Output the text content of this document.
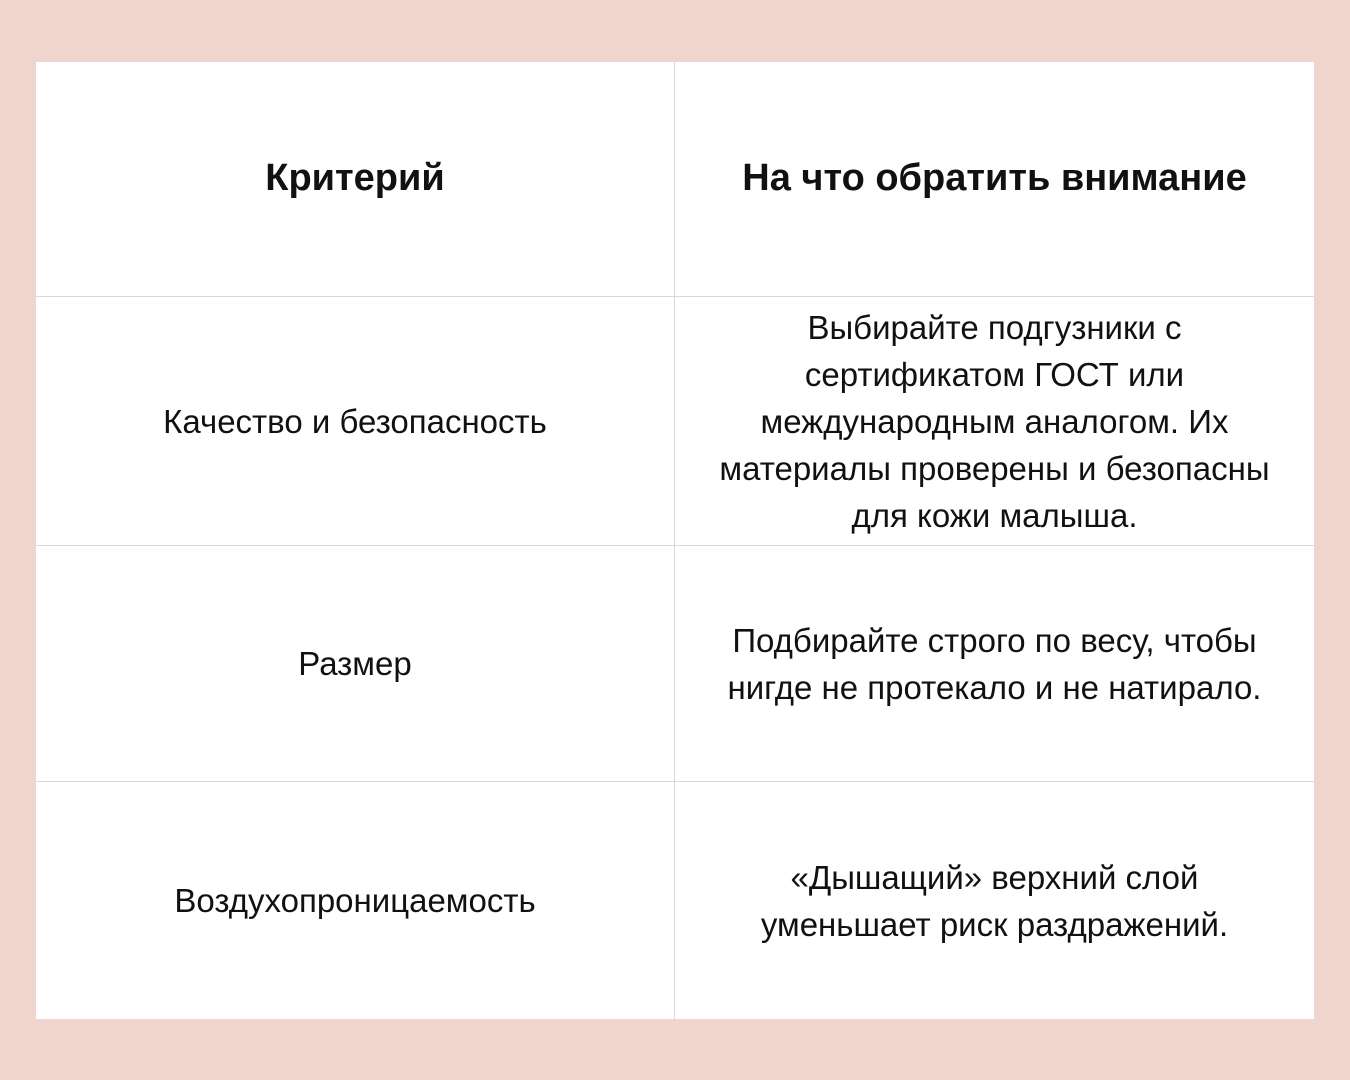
Критерий	На что обратить внимание
Качество и безопасность
Выбирайте подгузники с
сертификатом ГОСТ или
международным аналогом. Их
материалы проверены и безопасны
для кожи малыша.
Размер
Подбирайте строго по весу, чтобы
нигде не протекало и не натирало.
Воздухопроницаемость
«Дышащий» верхний слой
уменьшает риск раздражений.
